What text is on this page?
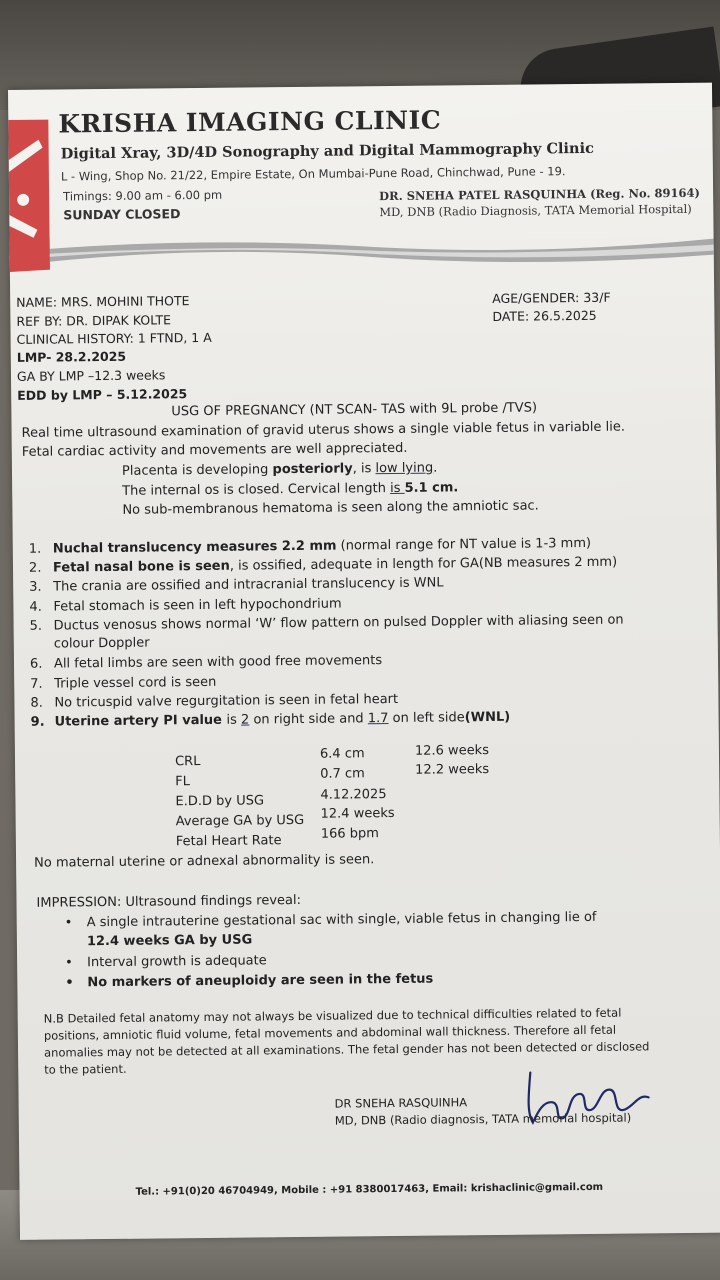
KRISHA IMAGING CLINIC
Digital Xray, 3D/4D Sonography and Digital Mammography Clinic
L - Wing, Shop No. 21/22, Empire Estate, On Mumbai-Pune Road, Chinchwad, Pune - 19.
Timings: 9.00 am - 6.00 pm
SUNDAY CLOSED
DR. SNEHA PATEL RASQUINHA (Reg. No. 89164)
MD, DNB (Radio Diagnosis, TATA Memorial Hospital)
NAME: MRS. MOHINI THOTE
REF BY: DR. DIPAK KOLTE
CLINICAL HISTORY: 1 FTND, 1 A
LMP- 28.2.2025
GA BY LMP –12.3 weeks
EDD by LMP – 5.12.2025
AGE/GENDER: 33/F
DATE: 26.5.2025
USG OF PREGNANCY (NT SCAN- TAS with 9L probe /TVS)
Real time ultrasound examination of gravid uterus shows a single viable fetus in variable lie.
Fetal cardiac activity and movements are well appreciated.
Placenta is developing posteriorly, is low lying.
The internal os is closed. Cervical length is 5.1 cm.
No sub-membranous hematoma is seen along the amniotic sac.
1. Nuchal translucency measures 2.2 mm (normal range for NT value is 1-3 mm)
2. Fetal nasal bone is seen, is ossified, adequate in length for GA(NB measures 2 mm)
3. The crania are ossified and intracranial translucency is WNL
4. Fetal stomach is seen in left hypochondrium
5. Ductus venosus shows normal ‘W’ flow pattern on pulsed Doppler with aliasing seen on
colour Doppler
6. All fetal limbs are seen with good free movements
7. Triple vessel cord is seen
8. No tricuspid valve regurgitation is seen in fetal heart
9. Uterine artery PI value is 2 on right side and 1.7 on left side(WNL)
CRL	6.4 cm	12.6 weeks
FL	0.7 cm	12.2 weeks
E.D.D by USG	4.12.2025
Average GA by USG 12.4 weeks
Fetal Heart Rate	166 bpm
No maternal uterine or adnexal abnormality is seen.
IMPRESSION: Ultrasound findings reveal:
• A single intrauterine gestational sac with single, viable fetus in changing lie of
12.4 weeks GA by USG
• Interval growth is adequate
• No markers of aneuploidy are seen in the fetus
N.B Detailed fetal anatomy may not always be visualized due to technical difficulties related to fetal
positions, amniotic fluid volume, fetal movements and abdominal wall thickness. Therefore all fetal
anomalies may not be detected at all examinations. The fetal gender has not been detected or disclosed
to the patient.
DR SNEHA RASQUINHA
MD, DNB (Radio diagnosis, TATA memorial hospital)
Tel.: +91(0)20 46704949, Mobile : +91 8380017463, Email: krishaclinic@gmail.com
